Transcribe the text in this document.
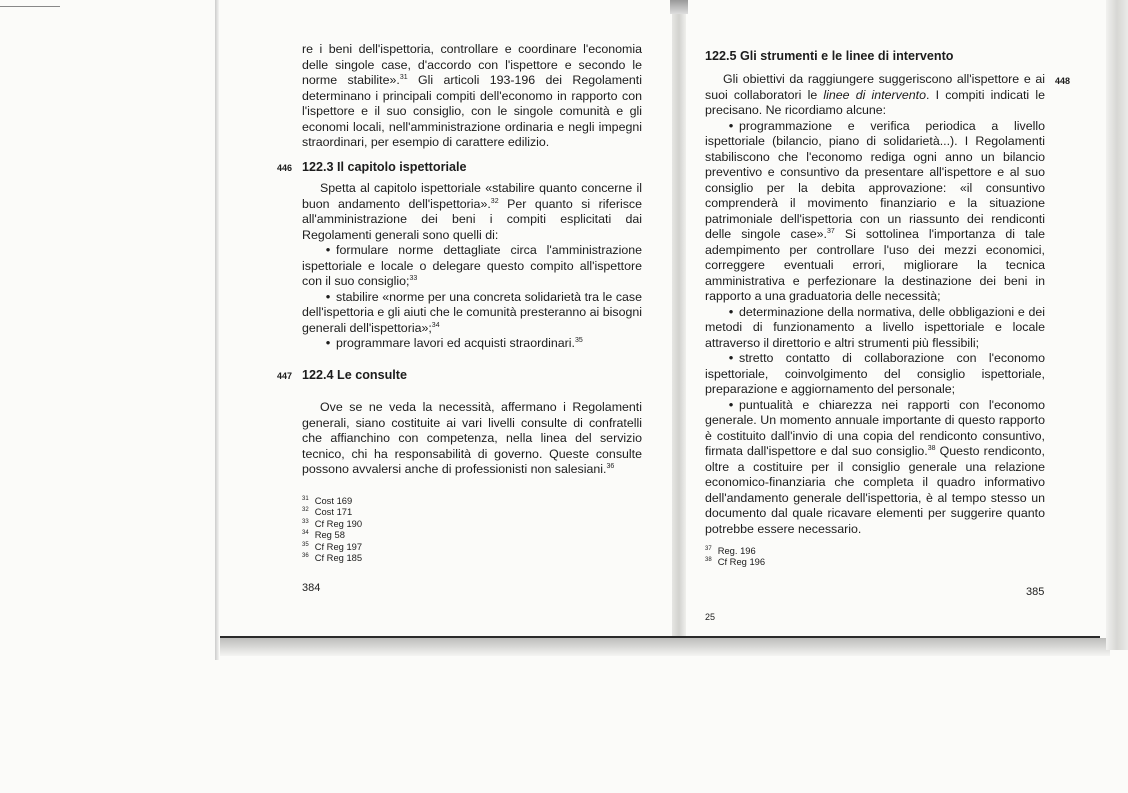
re i beni dell'ispettoria, controllare e coordinare l'economia delle singole case, d'accordo con l'ispettore e secondo le norme stabilite».$^{31}$ Gli articoli 193-196 dei Regolamenti determinano i principali compiti dell'economo in rapporto con l'ispettore e il suo consiglio, con le singole comunità e gli economi locali, nell'amministrazione ordinaria e negli impegni straordinari, per esempio di carattere edilizio.

446 122.3 Il capitolo ispettoriale

Spetta al capitolo ispettoriale «stabilire quanto concerne il buon andamento dell'ispettoria».$^{32}$ Per quanto si riferisce all'amministrazione dei beni i compiti esplicitati dai Regolamenti generali sono quelli di:

• formulare norme dettagliate circa l'amministrazione ispettoriale e locale o delegare questo compito all'ispettore con il suo consiglio;$^{33}$

• stabilire «norme per una concreta solidarietà tra le case dell'ispettoria e gli aiuti che le comunità presteranno ai bisogni generali dell'ispettoria»;$^{34}$

• programmare lavori ed acquisti straordinari.$^{35}$

447 122.4 Le consulte

Ove se ne veda la necessità, affermano i Regolamenti generali, siano costituite ai vari livelli consulte di confratelli che affianchino con competenza, nella linea del servizio tecnico, chi ha responsabilità di governo. Queste consulte possono avvalersi anche di professionisti non salesiani.$^{36}$

$^{31}$ Cost 169
$^{32}$ Cost 171
$^{33}$ Cf Reg 190
$^{34}$ Reg 58
$^{35}$ Cf Reg 197
$^{36}$ Cf Reg 185
384
122.5 Gli strumenti e le linee di intervento
448

Gli obiettivi da raggiungere suggeriscono all'ispettore e ai suoi collaboratori le linee di intervento. I compiti indicati le precisano. Ne ricordiamo alcune:

• programmazione e verifica periodica a livello ispettoriale (bilancio, piano di solidarietà...). I Regolamenti stabiliscono che l'economo rediga ogni anno un bilancio preventivo e consuntivo da presentare all'ispettore e al suo consiglio per la debita approvazione: «il consuntivo comprenderà il movimento finanziario e la situazione patrimoniale dell'ispettoria con un riassunto dei rendiconti delle singole case».$^{37}$ Si sottolinea l'importanza di tale adempimento per controllare l'uso dei mezzi economici, correggere eventuali errori, migliorare la tecnica amministrativa e perfezionare la destinazione dei beni in rapporto a una graduatoria delle necessità;

• determinazione della normativa, delle obbligazioni e dei metodi di funzionamento a livello ispettoriale e locale attraverso il direttorio e altri strumenti più flessibili;

• stretto contatto di collaborazione con l'economo ispettoriale, coinvolgimento del consiglio ispettoriale, preparazione e aggiornamento del personale;

• puntualità e chiarezza nei rapporti con l'economo generale. Un momento annuale importante di questo rapporto è costituito dall'invio di una copia del rendiconto consuntivo, firmata dall'ispettore e dal suo consiglio.$^{38}$ Questo rendiconto, oltre a costituire per il consiglio generale una relazione economico-finanziaria che completa il quadro informativo dell'andamento generale dell'ispettoria, è al tempo stesso un documento dal quale ricavare elementi per suggerire quanto potrebbe essere necessario.

$^{37}$ Reg. 196
$^{38}$ Cf Reg 196
385
25
